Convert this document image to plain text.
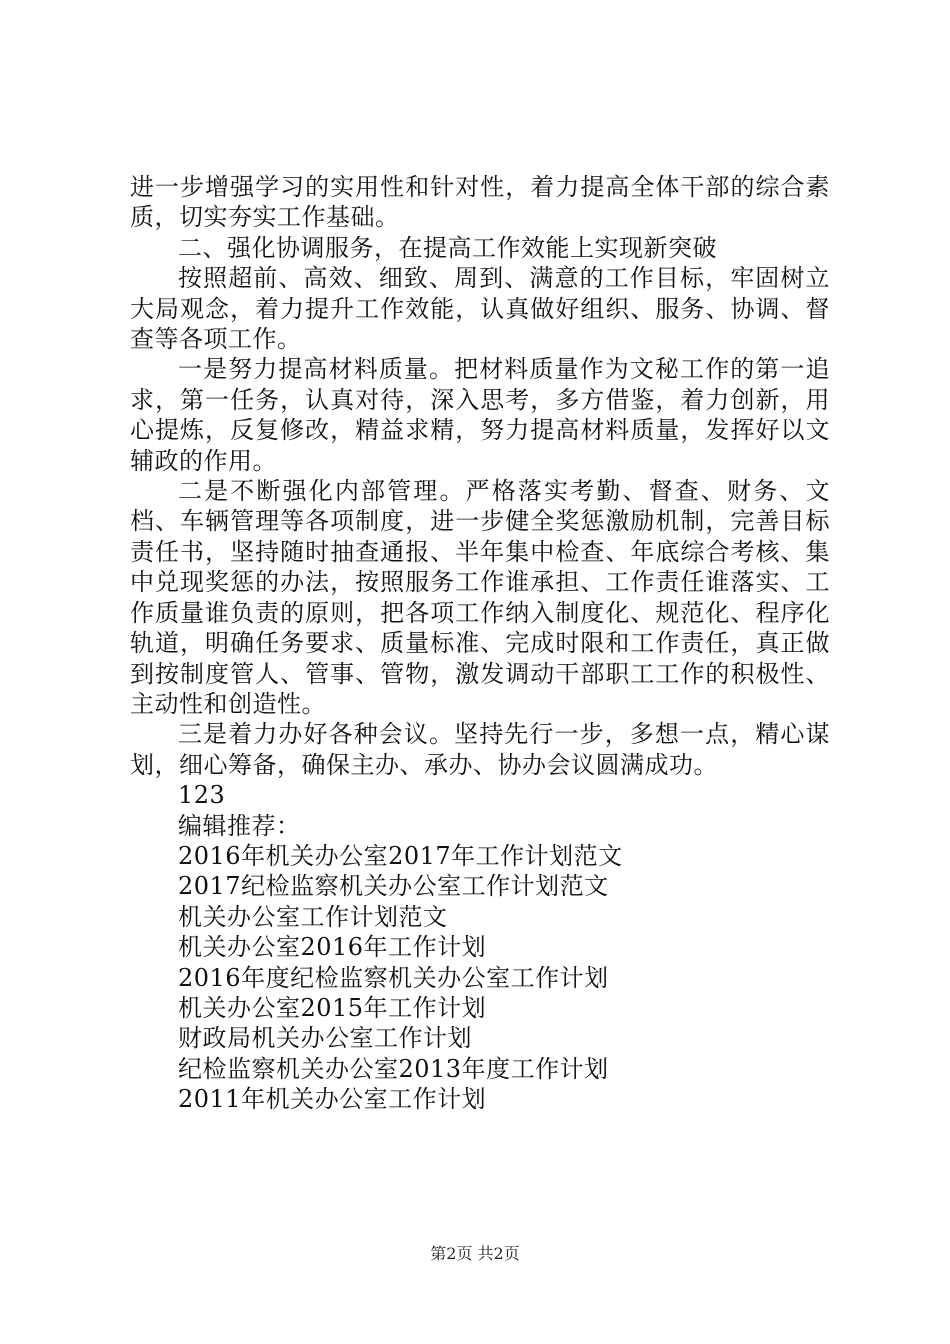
进一步增强学习的实用性和针对性，着力提高全体干部的综合素质，切实夯实工作基础。

二、强化协调服务，在提高工作效能上实现新突破

按照超前、高效、细致、周到、满意的工作目标，牢固树立大局观念，着力提升工作效能，认真做好组织、服务、协调、督查等各项工作。

一是努力提高材料质量。把材料质量作为文秘工作的第一追求，第一任务，认真对待，深入思考，多方借鉴，着力创新，用心提炼，反复修改，精益求精，努力提高材料质量，发挥好以文辅政的作用。

二是不断强化内部管理。严格落实考勤、督查、财务、文档、车辆管理等各项制度，进一步健全奖惩激励机制，完善目标责任书，坚持随时抽查通报、半年集中检查、年底综合考核、集中兑现奖惩的办法，按照服务工作谁承担、工作责任谁落实、工作质量谁负责的原则，把各项工作纳入制度化、规范化、程序化轨道，明确任务要求、质量标准、完成时限和工作责任，真正做到按制度管人、管事、管物，激发调动干部职工工作的积极性、主动性和创造性。

三是着力办好各种会议。坚持先行一步，多想一点，精心谋划，细心筹备，确保主办、承办、协办会议圆满成功。

123

编辑推荐：

2016年机关办公室2017年工作计划范文

2017纪检监察机关办公室工作计划范文

机关办公室工作计划范文

机关办公室2016年工作计划

2016年度纪检监察机关办公室工作计划

机关办公室2015年工作计划

财政局机关办公室工作计划

纪检监察机关办公室2013年度工作计划

2011年机关办公室工作计划

第2页 共2页
